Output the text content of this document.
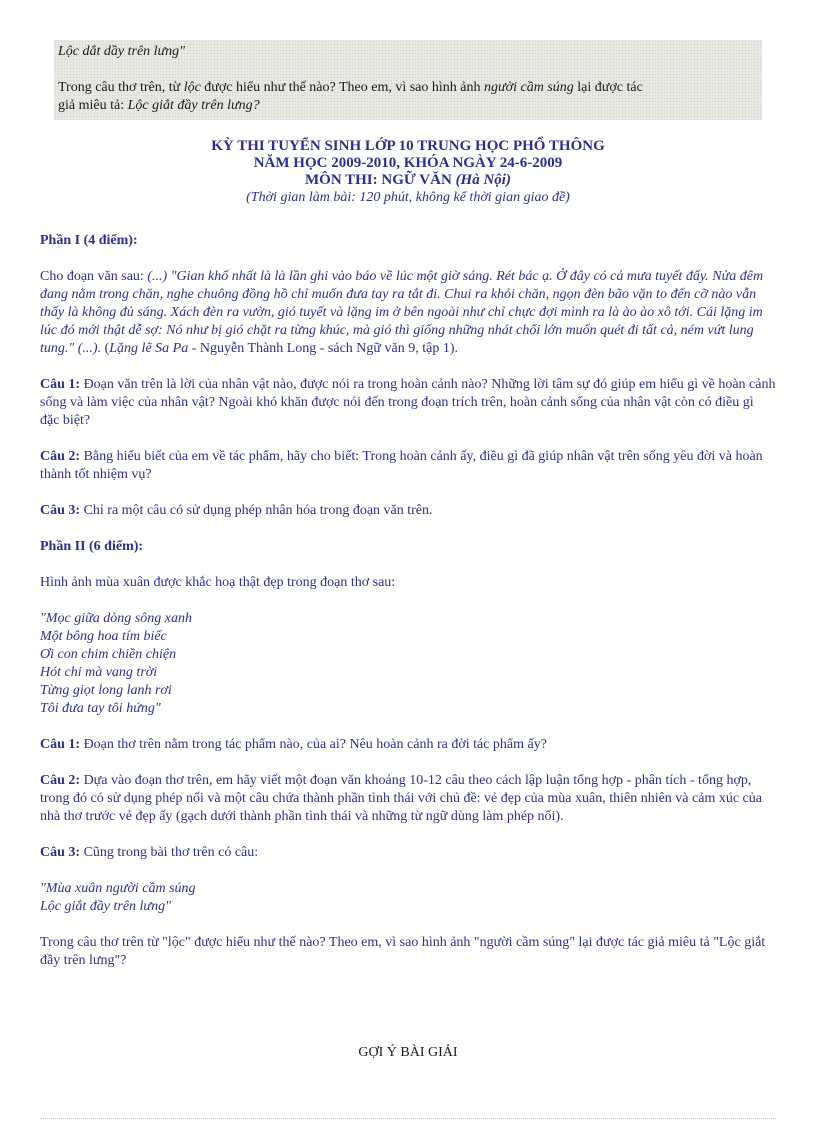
Lộc dắt dầy trên lưng"

Trong câu thơ trên, từ lộc được hiểu như thế nào? Theo em, vì sao hình ảnh người cầm súng lại được tác

giả miêu tả: Lộc giắt đầy trên lưng?

KỲ THI TUYỂN SINH LỚP 10 TRUNG HỌC PHỔ THÔNG

NĂM HỌC 2009-2010, KHÓA NGÀY 24-6-2009

MÔN THI: NGỮ VĂN (Hà Nội)

(Thời gian làm bài: 120 phút, không kể thời gian giao đề)

Phần I (4 điểm):

Cho đoạn văn sau: (...) "Gian khổ nhất là là lần ghi vào báo về lúc một giờ sáng. Rét bác ạ. Ở đây có cả mưa tuyết đấy. Nửa đêm đang nằm trong chăn, nghe chuông đồng hồ chỉ muốn đưa tay ra tắt đi. Chui ra khỏi chăn, ngọn đèn bão vặn to đến cỡ nào vẫn thấy là không đủ sáng. Xách đèn ra vườn, gió tuyết và lặng im ở bên ngoài như chỉ chực đợi mình ra là ào ào xô tới. Cái lặng im lúc đó mới thật dễ sợ: Nó như bị gió chặt ra từng khúc, mà gió thì giống những nhát chổi lớn muốn quét đi tất cả, ném vứt lung tung." (...). (Lặng lẽ Sa Pa - Nguyễn Thành Long - sách Ngữ văn 9, tập 1).

Câu 1: Đoạn văn trên là lời của nhân vật nào, được nói ra trong hoàn cảnh nào? Những lời tâm sự đó giúp em hiểu gì về hoàn cảnh sống và làm việc của nhân vật? Ngoài khó khăn được nói đến trong đoạn trích trên, hoàn cảnh sống của nhân vật còn có điều gì đặc biệt?

Câu 2: Bằng hiểu biết của em về tác phẩm, hãy cho biết: Trong hoàn cảnh ấy, điều gì đã giúp nhân vật trên sống yêu đời và hoàn thành tốt nhiệm vụ?

Câu 3: Chỉ ra một câu có sử dụng phép nhân hóa trong đoạn văn trên.

Phần II (6 điểm):

Hình ảnh mùa xuân được khắc hoạ thật đẹp trong đoạn thơ sau:

"Mọc giữa dòng sông xanh

Một bông hoa tím biếc

Ơi con chim chiền chiện

Hót chi mà vang trời

Từng giọt long lanh rơi

Tôi đưa tay tôi hứng"

Câu 1: Đoạn thơ trên nằm trong tác phẩm nào, của ai? Nêu hoàn cảnh ra đời tác phẩm ấy?

Câu 2: Dựa vào đoạn thơ trên, em hãy viết một đoạn văn khoảng 10-12 câu theo cách lập luận tổng hợp - phân tích - tổng hợp, trong đó có sử dụng phép nối và một câu chứa thành phần tình thái với chủ đề: vẻ đẹp của mùa xuân, thiên nhiên và cảm xúc của nhà thơ trước vẻ đẹp ấy (gạch dưới thành phần tình thái và những từ ngữ dùng làm phép nối).

Câu 3: Cũng trong bài thơ trên có câu:

"Mùa xuân người cầm súng

Lộc giắt đầy trên lưng"

Trong câu thơ trên từ "lộc" được hiểu như thế nào? Theo em, vì sao hình ảnh "người cầm súng" lại được tác giả miêu tả "Lộc giắt đầy trên lưng"?

GỢI Ý BÀI GIẢI
